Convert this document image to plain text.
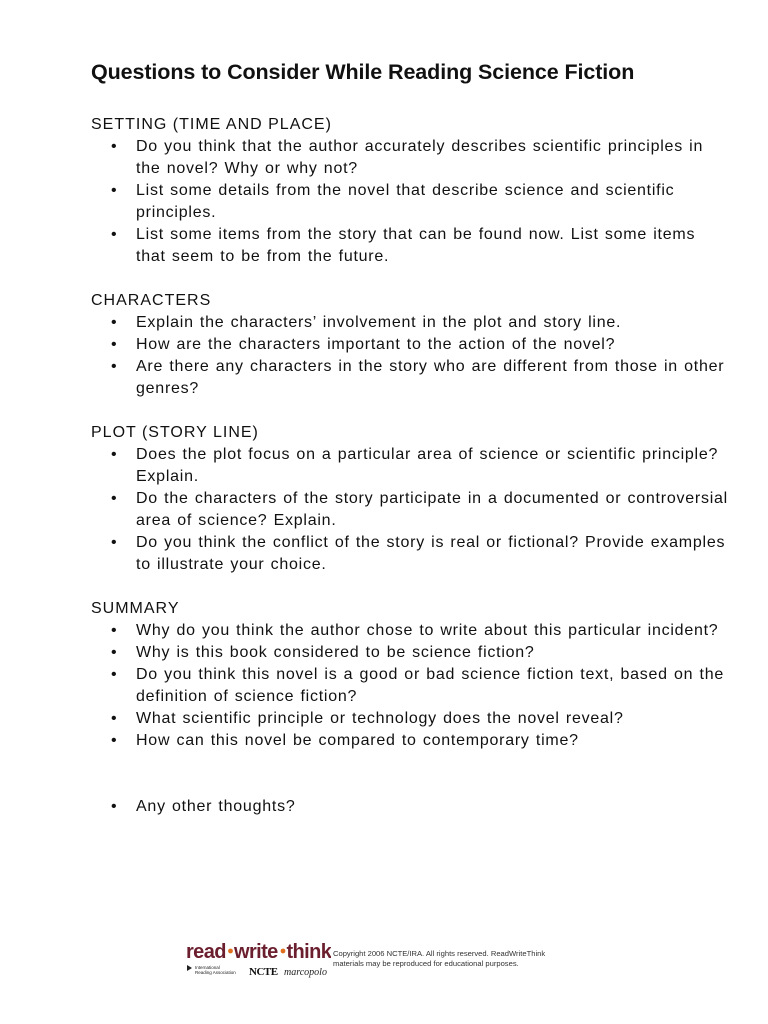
Questions to Consider While Reading Science Fiction

SETTING (TIME AND PLACE)

• Do you think that the author accurately describes scientific principles in the novel? Why or why not?
• List some details from the novel that describe science and scientific principles.
• List some items from the story that can be found now. List some items that seem to be from the future.

CHARACTERS

• Explain the characters’ involvement in the plot and story line.
• How are the characters important to the action of the novel?
• Are there any characters in the story who are different from those in other genres?

PLOT (STORY LINE)

• Does the plot focus on a particular area of science or scientific principle? Explain.
• Do the characters of the story participate in a documented or controversial area of science? Explain.
• Do you think the conflict of the story is real or fictional? Provide examples to illustrate your choice.

SUMMARY

• Why do you think the author chose to write about this particular incident?
• Why is this book considered to be science fiction?
• Do you think this novel is a good or bad science fiction text, based on the definition of science fiction?
• What scientific principle or technology does the novel reveal?
• How can this novel be compared to contemporary time?
• Any other thoughts?
read write think
International
Reading Association NCTE marcopolo
Copyright 2006 NCTE/IRA. All rights reserved. ReadWriteThink
materials may be reproduced for educational purposes.
